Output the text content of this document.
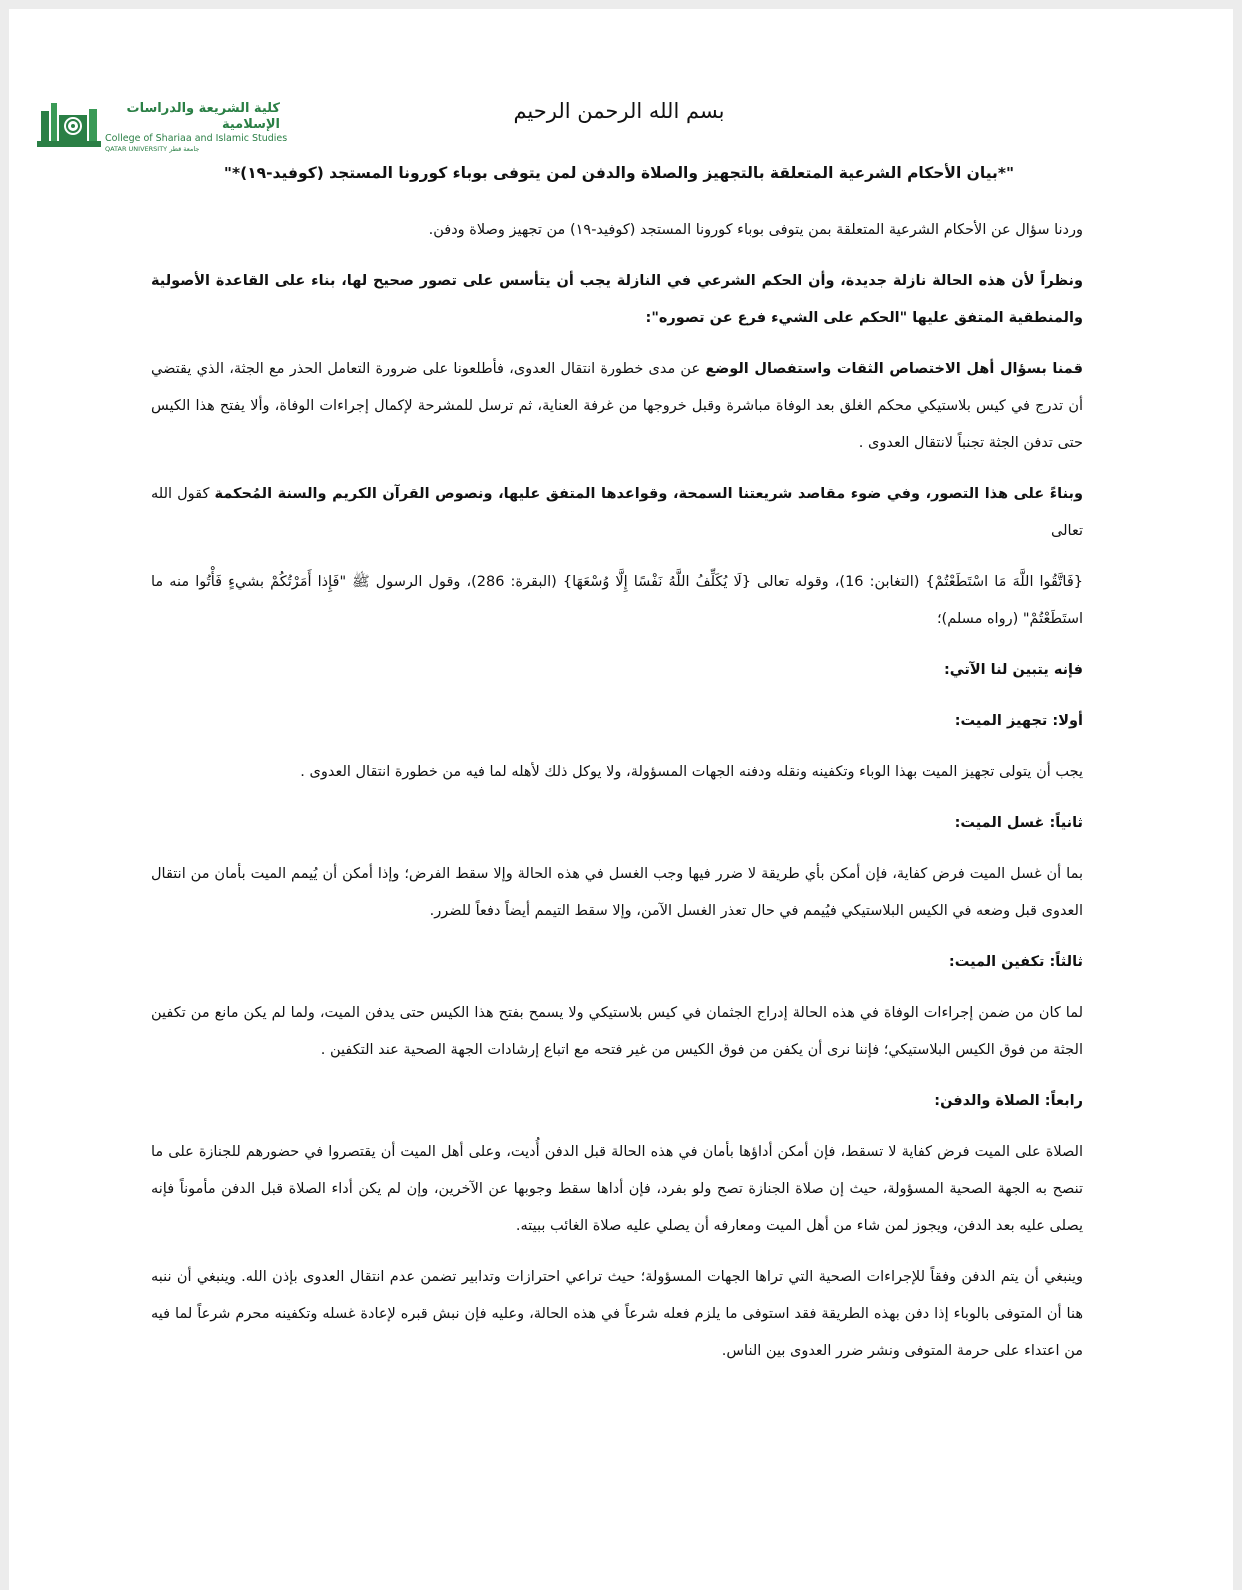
كلية الشريعة والدراسات الإسلامية
College of Shariaa and Islamic Studies
QATAR UNIVERSITY جامعة قطر
بسم الله الرحمن الرحيم
"*بيان الأحكام الشرعية المتعلقة بالتجهيز والصلاة والدفن لمن يتوفى بوباء كورونا المستجد (كوفيد-١٩)*"

وردنا سؤال عن الأحكام الشرعية المتعلقة بمن يتوفى بوباء كورونا المستجد (كوفيد-١٩) من تجهيز وصلاة ودفن.

ونظراً لأن هذه الحالة نازلة جديدة، وأن الحكم الشرعي في النازلة يجب أن يتأسس على تصور صحيح لها، بناء على القاعدة الأصولية والمنطقية المتفق عليها "الحكم على الشيء فرع عن تصوره":

قمنا بسؤال أهل الاختصاص الثقات واستفصال الوضع عن مدى خطورة انتقال العدوى، فأطلعونا على ضرورة التعامل الحذر مع الجثة، الذي يقتضي أن تدرج في كيس بلاستيكي محكم الغلق بعد الوفاة مباشرة وقبل خروجها من غرفة العناية، ثم ترسل للمشرحة لإكمال إجراءات الوفاة، وألا يفتح هذا الكيس حتى تدفن الجثة تجنباً لانتقال العدوى .

وبناءً على هذا التصور، وفي ضوء مقاصد شريعتنا السمحة، وقواعدها المتفق عليها، ونصوص القرآن الكريم والسنة المُحكمة كقول الله تعالى

{فَاتَّقُوا اللَّهَ مَا اسْتَطَعْتُمْ} (التغابن: 16)، وقوله تعالى {لَا يُكَلِّفُ اللَّهُ نَفْسًا إِلَّا وُسْعَهَا} (البقرة: 286)، وقول الرسول ﷺ "فَإِذا أَمَرْتُكُمْ بشيءٍ فَأْتُوا منه ما استَطَعْتُمْ" (رواه مسلم)؛

فإنه يتبين لنا الآتي:
أولا: تجهيز الميت:

يجب أن يتولى تجهيز الميت بهذا الوباء وتكفينه ونقله ودفنه الجهات المسؤولة، ولا يوكل ذلك لأهله لما فيه من خطورة انتقال العدوى .

ثانياً: غسل الميت:

بما أن غسل الميت فرض كفاية، فإن أمكن بأي طريقة لا ضرر فيها وجب الغسل في هذه الحالة وإلا سقط الفرض؛ وإذا أمكن أن يُيمم الميت بأمان من انتقال العدوى قبل وضعه في الكيس البلاستيكي فيُيمم في حال تعذر الغسل الآمن، وإلا سقط التيمم أيضاً دفعاً للضرر.

ثالثاً: تكفين الميت:

لما كان من ضمن إجراءات الوفاة في هذه الحالة إدراج الجثمان في كيس بلاستيكي ولا يسمح بفتح هذا الكيس حتى يدفن الميت، ولما لم يكن مانع من تكفين الجثة من فوق الكيس البلاستيكي؛ فإننا نرى أن يكفن من فوق الكيس من غير فتحه مع اتباع إرشادات الجهة الصحية عند التكفين .

رابعاً: الصلاة والدفن:

الصلاة على الميت فرض كفاية لا تسقط، فإن أمكن أداؤها بأمان في هذه الحالة قبل الدفن أُديت، وعلى أهل الميت أن يقتصروا في حضورهم للجنازة على ما تنصح به الجهة الصحية المسؤولة، حيث إن صلاة الجنازة تصح ولو بفرد، فإن أداها سقط وجوبها عن الآخرين، وإن لم يكن أداء الصلاة قبل الدفن مأموناً فإنه يصلى عليه بعد الدفن، ويجوز لمن شاء من أهل الميت ومعارفه أن يصلي عليه صلاة الغائب ببيته.

وينبغي أن يتم الدفن وفقاً للإجراءات الصحية التي تراها الجهات المسؤولة؛ حيث تراعي احترازات وتدابير تضمن عدم انتقال العدوى بإذن الله. وينبغي أن ننبه هنا أن المتوفى بالوباء إذا دفن بهذه الطريقة فقد استوفى ما يلزم فعله شرعاً في هذه الحالة، وعليه فإن نبش قبره لإعادة غسله وتكفينه محرم شرعاً لما فيه من اعتداء على حرمة المتوفى ونشر ضرر العدوى بين الناس.
